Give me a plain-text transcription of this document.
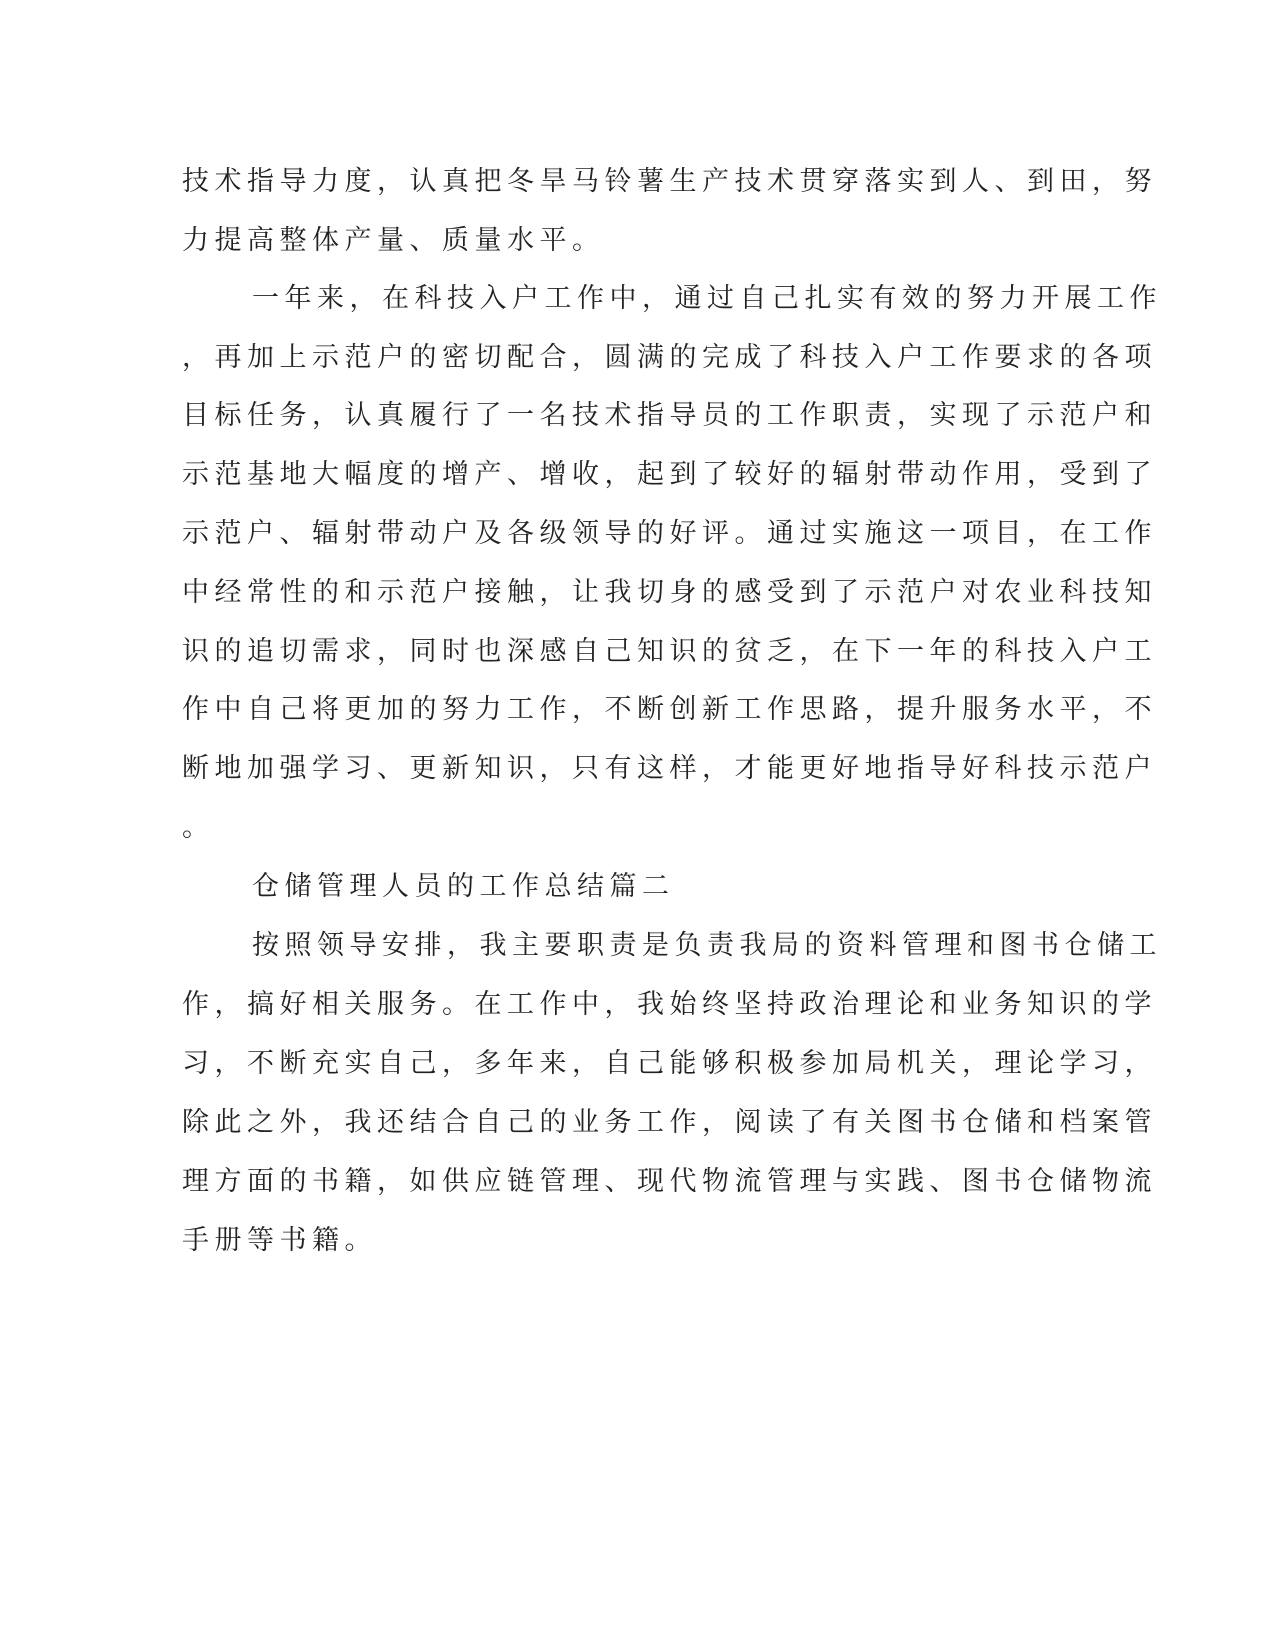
技术指导力度，认真把冬旱马铃薯生产技术贯穿落实到人、到田，努
力提高整体产量、质量水平。
一年来，在科技入户工作中，通过自己扎实有效的努力开展工作
，再加上示范户的密切配合，圆满的完成了科技入户工作要求的各项
目标任务，认真履行了一名技术指导员的工作职责，实现了示范户和
示范基地大幅度的增产、增收，起到了较好的辐射带动作用，受到了
示范户、辐射带动户及各级领导的好评。通过实施这一项目，在工作
中经常性的和示范户接触，让我切身的感受到了示范户对农业科技知
识的追切需求，同时也深感自己知识的贫乏，在下一年的科技入户工
作中自己将更加的努力工作，不断创新工作思路，提升服务水平，不
断地加强学习、更新知识，只有这样，才能更好地指导好科技示范户
。
仓储管理人员的工作总结篇二
按照领导安排，我主要职责是负责我局的资料管理和图书仓储工
作，搞好相关服务。在工作中，我始终坚持政治理论和业务知识的学
习，不断充实自己，多年来，自己能够积极参加局机关，理论学习，
除此之外，我还结合自己的业务工作，阅读了有关图书仓储和档案管
理方面的书籍，如供应链管理、现代物流管理与实践、图书仓储物流
手册等书籍。
